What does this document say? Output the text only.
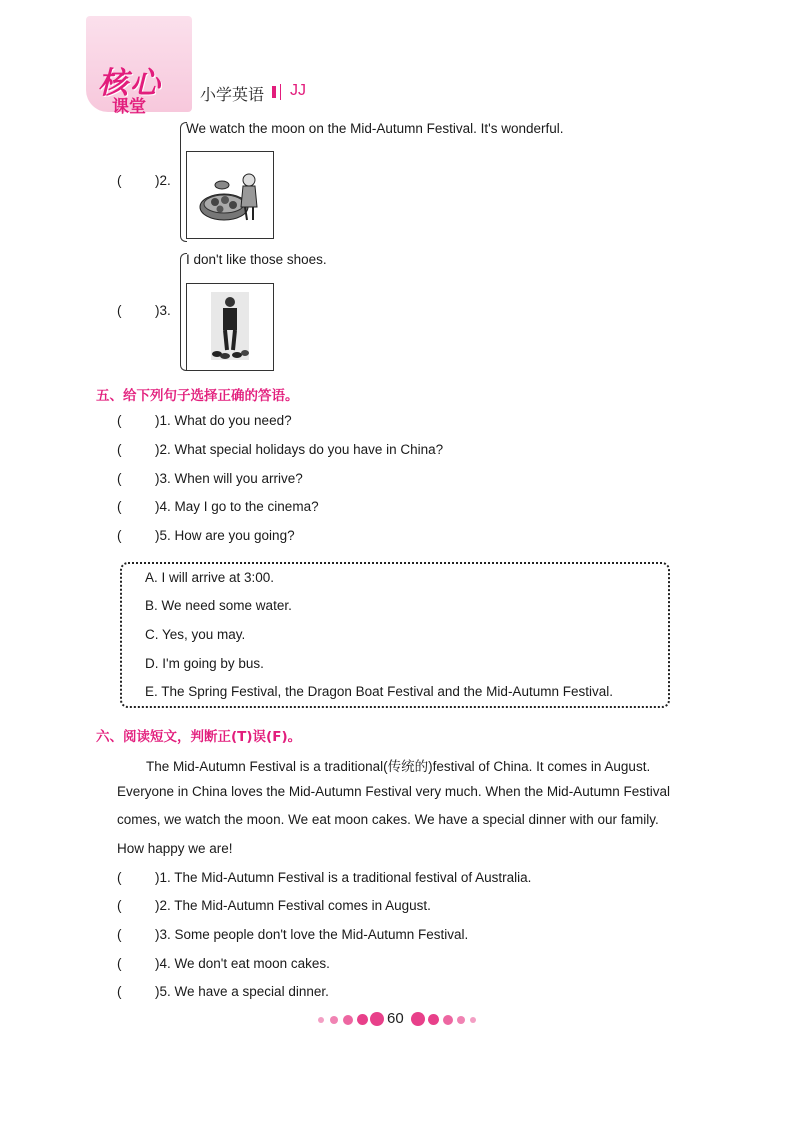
核心
课堂
小学英语 JJ
We watch the moon on the Mid-Autumn Festival. It's wonderful.
( )2.
I don't like those shoes.
( )3.
五、给下列句子选择正确的答语。
( )1. What do you need?
( )2. What special holidays do you have in China?
( )3. When will you arrive?
( )4. May I go to the cinema?
( )5. How are you going?
A. I will arrive at 3:00.
B. We need some water.
C. Yes, you may.
D. I'm going by bus.
E. The Spring Festival, the Dragon Boat Festival and the Mid-Autumn Festival.
六、阅读短文，判断正(T)误(F)。
The Mid-Autumn Festival is a traditional(传统的)festival of China. It comes in August.
Everyone in China loves the Mid-Autumn Festival very much. When the Mid-Autumn Festival
comes, we watch the moon. We eat moon cakes. We have a special dinner with our family.
How happy we are!
( )1. The Mid-Autumn Festival is a traditional festival of Australia.
( )2. The Mid-Autumn Festival comes in August.
( )3. Some people don't love the Mid-Autumn Festival.
( )4. We don't eat moon cakes.
( )5. We have a special dinner.
60
